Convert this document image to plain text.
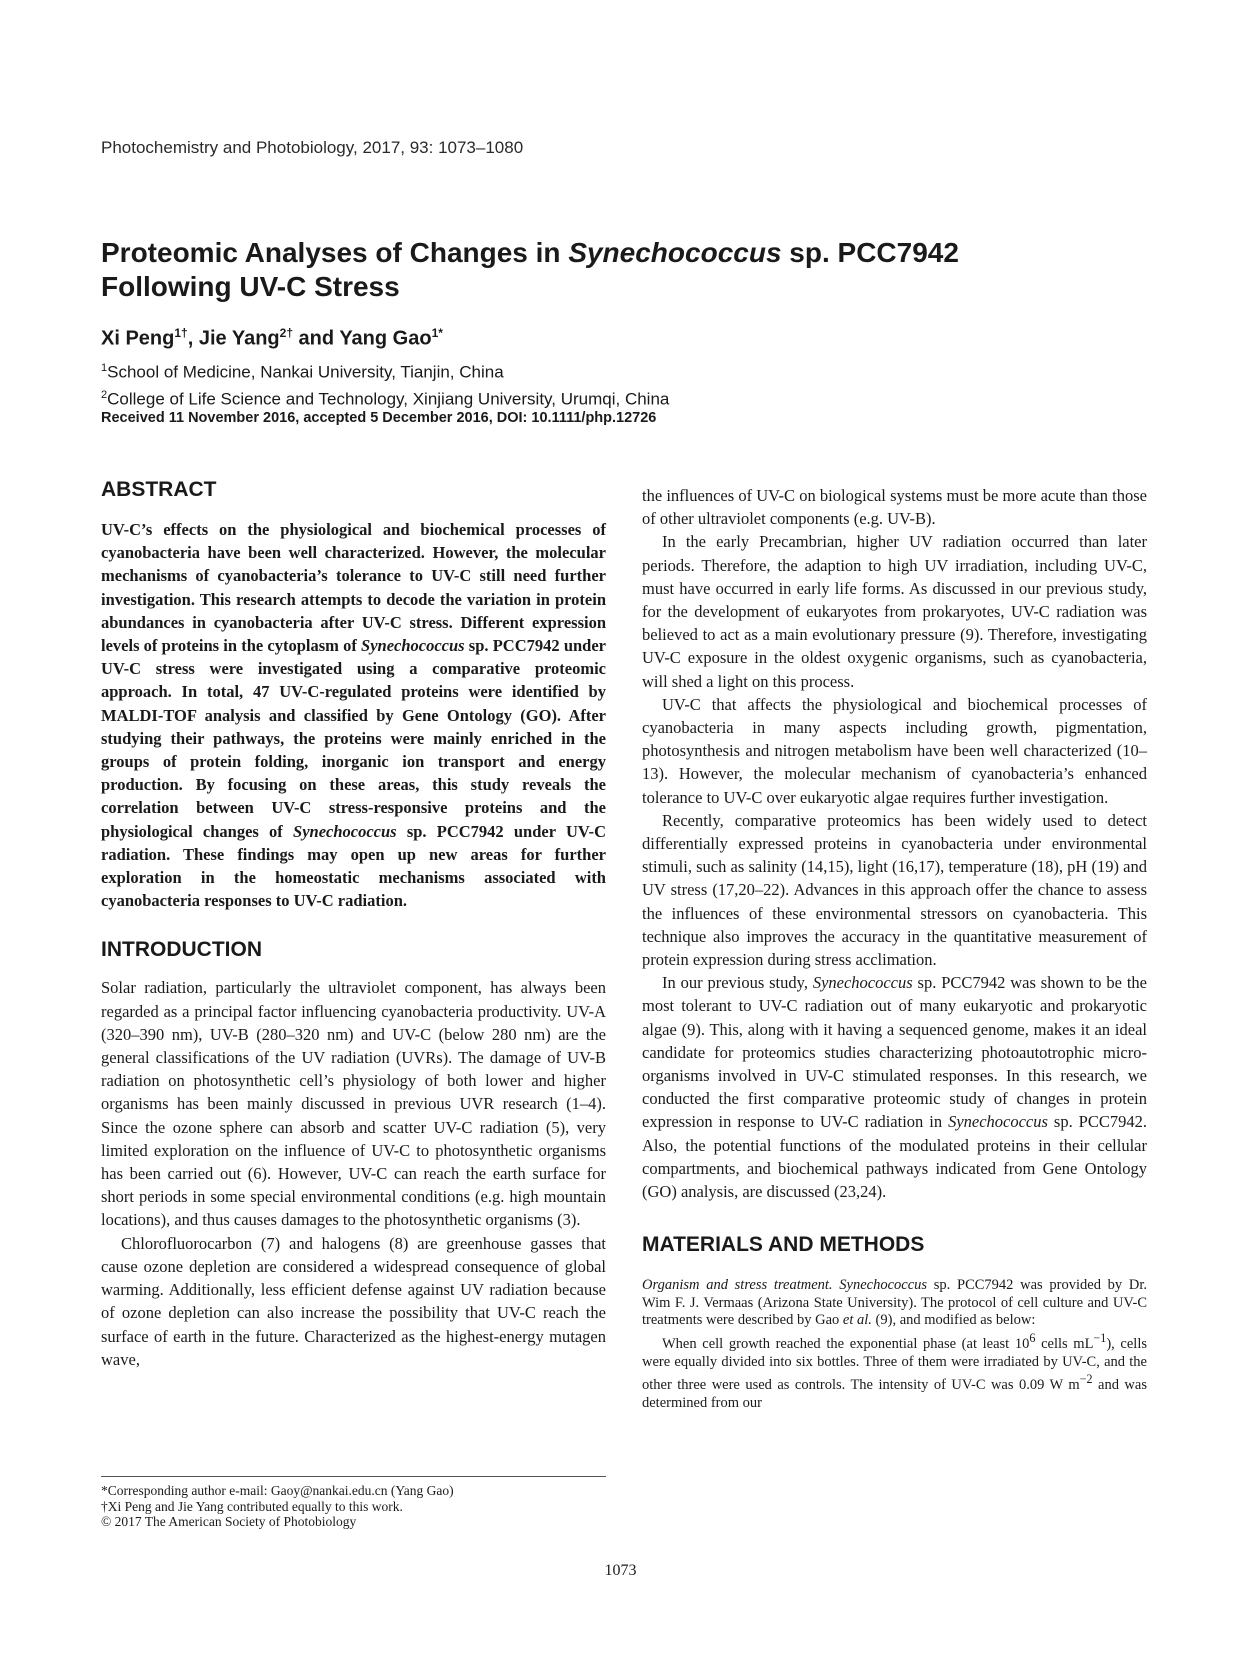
Photochemistry and Photobiology, 2017, 93: 1073–1080
Proteomic Analyses of Changes in Synechococcus sp. PCC7942
Following UV-C Stress
Xi Peng$^{1\dagger}$, Jie Yang$^{2\dagger}$ and Yang Gao$^{1*}$
$^1$School of Medicine, Nankai University, Tianjin, China
$^2$College of Life Science and Technology, Xinjiang University, Urumqi, China
Received 11 November 2016, accepted 5 December 2016, DOI: 10.1111/php.12726
ABSTRACT

UV-C’s effects on the physiological and biochemical processes of cyanobacteria have been well characterized. However, the molecular mechanisms of cyanobacteria’s tolerance to UV-C still need further investigation. This research attempts to decode the variation in protein abundances in cyanobacteria after UV-C stress. Different expression levels of proteins in the cytoplasm of Synechococcus sp. PCC7942 under UV-C stress were investigated using a comparative proteomic approach. In total, 47 UV-C-regulated proteins were identified by MALDI-TOF analysis and classified by Gene Ontology (GO). After studying their pathways, the proteins were mainly enriched in the groups of protein folding, inorganic ion transport and energy production. By focusing on these areas, this study reveals the correlation between UV-C stress-responsive proteins and the physiological changes of Synechococcus sp. PCC7942 under UV-C radiation. These findings may open up new areas for further exploration in the homeostatic mechanisms associated with cyanobacteria responses to UV-C radiation.

INTRODUCTION

Solar radiation, particularly the ultraviolet component, has always been regarded as a principal factor influencing cyanobacteria productivity. UV-A (320–390 nm), UV-B (280–320 nm) and UV-C (below 280 nm) are the general classifications of the UV radiation (UVRs). The damage of UV-B radiation on photosynthetic cell’s physiology of both lower and higher organisms has been mainly discussed in previous UVR research (1–4). Since the ozone sphere can absorb and scatter UV-C radiation (5), very limited exploration on the influence of UV-C to photosynthetic organisms has been carried out (6). However, UV-C can reach the earth surface for short periods in some special environmental conditions (e.g. high mountain locations), and thus causes damages to the photosynthetic organisms (3).

Chlorofluorocarbon (7) and halogens (8) are greenhouse gasses that cause ozone depletion are considered a widespread consequence of global warming. Additionally, less efficient defense against UV radiation because of ozone depletion can also increase the possibility that UV-C reach the surface of earth in the future. Characterized as the highest-energy mutagen wave,

the influences of UV-C on biological systems must be more acute than those of other ultraviolet components (e.g. UV-B).

In the early Precambrian, higher UV radiation occurred than later periods. Therefore, the adaption to high UV irradiation, including UV-C, must have occurred in early life forms. As discussed in our previous study, for the development of eukaryotes from prokaryotes, UV-C radiation was believed to act as a main evolutionary pressure (9). Therefore, investigating UV-C exposure in the oldest oxygenic organisms, such as cyanobacteria, will shed a light on this process.

UV-C that affects the physiological and biochemical processes of cyanobacteria in many aspects including growth, pigmentation, photosynthesis and nitrogen metabolism have been well characterized (10–13). However, the molecular mechanism of cyanobacteria’s enhanced tolerance to UV-C over eukaryotic algae requires further investigation.

Recently, comparative proteomics has been widely used to detect differentially expressed proteins in cyanobacteria under environmental stimuli, such as salinity (14,15), light (16,17), temperature (18), pH (19) and UV stress (17,20–22). Advances in this approach offer the chance to assess the influences of these environmental stressors on cyanobacteria. This technique also improves the accuracy in the quantitative measurement of protein expression during stress acclimation.

In our previous study, Synechococcus sp. PCC7942 was shown to be the most tolerant to UV-C radiation out of many eukaryotic and prokaryotic algae (9). This, along with it having a sequenced genome, makes it an ideal candidate for proteomics studies characterizing photoautotrophic micro-organisms involved in UV-C stimulated responses. In this research, we conducted the first comparative proteomic study of changes in protein expression in response to UV-C radiation in Synechococcus sp. PCC7942. Also, the potential functions of the modulated proteins in their cellular compartments, and biochemical pathways indicated from Gene Ontology (GO) analysis, are discussed (23,24).

MATERIALS AND METHODS

Organism and stress treatment. Synechococcus sp. PCC7942 was provided by Dr. Wim F. J. Vermaas (Arizona State University). The protocol of cell culture and UV-C treatments were described by Gao et al. (9), and modified as below:

When cell growth reached the exponential phase (at least $10^6$ cells $mL^{-1}$), cells were equally divided into six bottles. Three of them were irradiated by UV-C, and the other three were used as controls. The intensity of UV-C was 0.09 W $m^{-2}$ and was determined from our

*Corresponding author e-mail: Gaoy@nankai.edu.cn (Yang Gao)
†Xi Peng and Jie Yang contributed equally to this work.
© 2017 The American Society of Photobiology
1073
